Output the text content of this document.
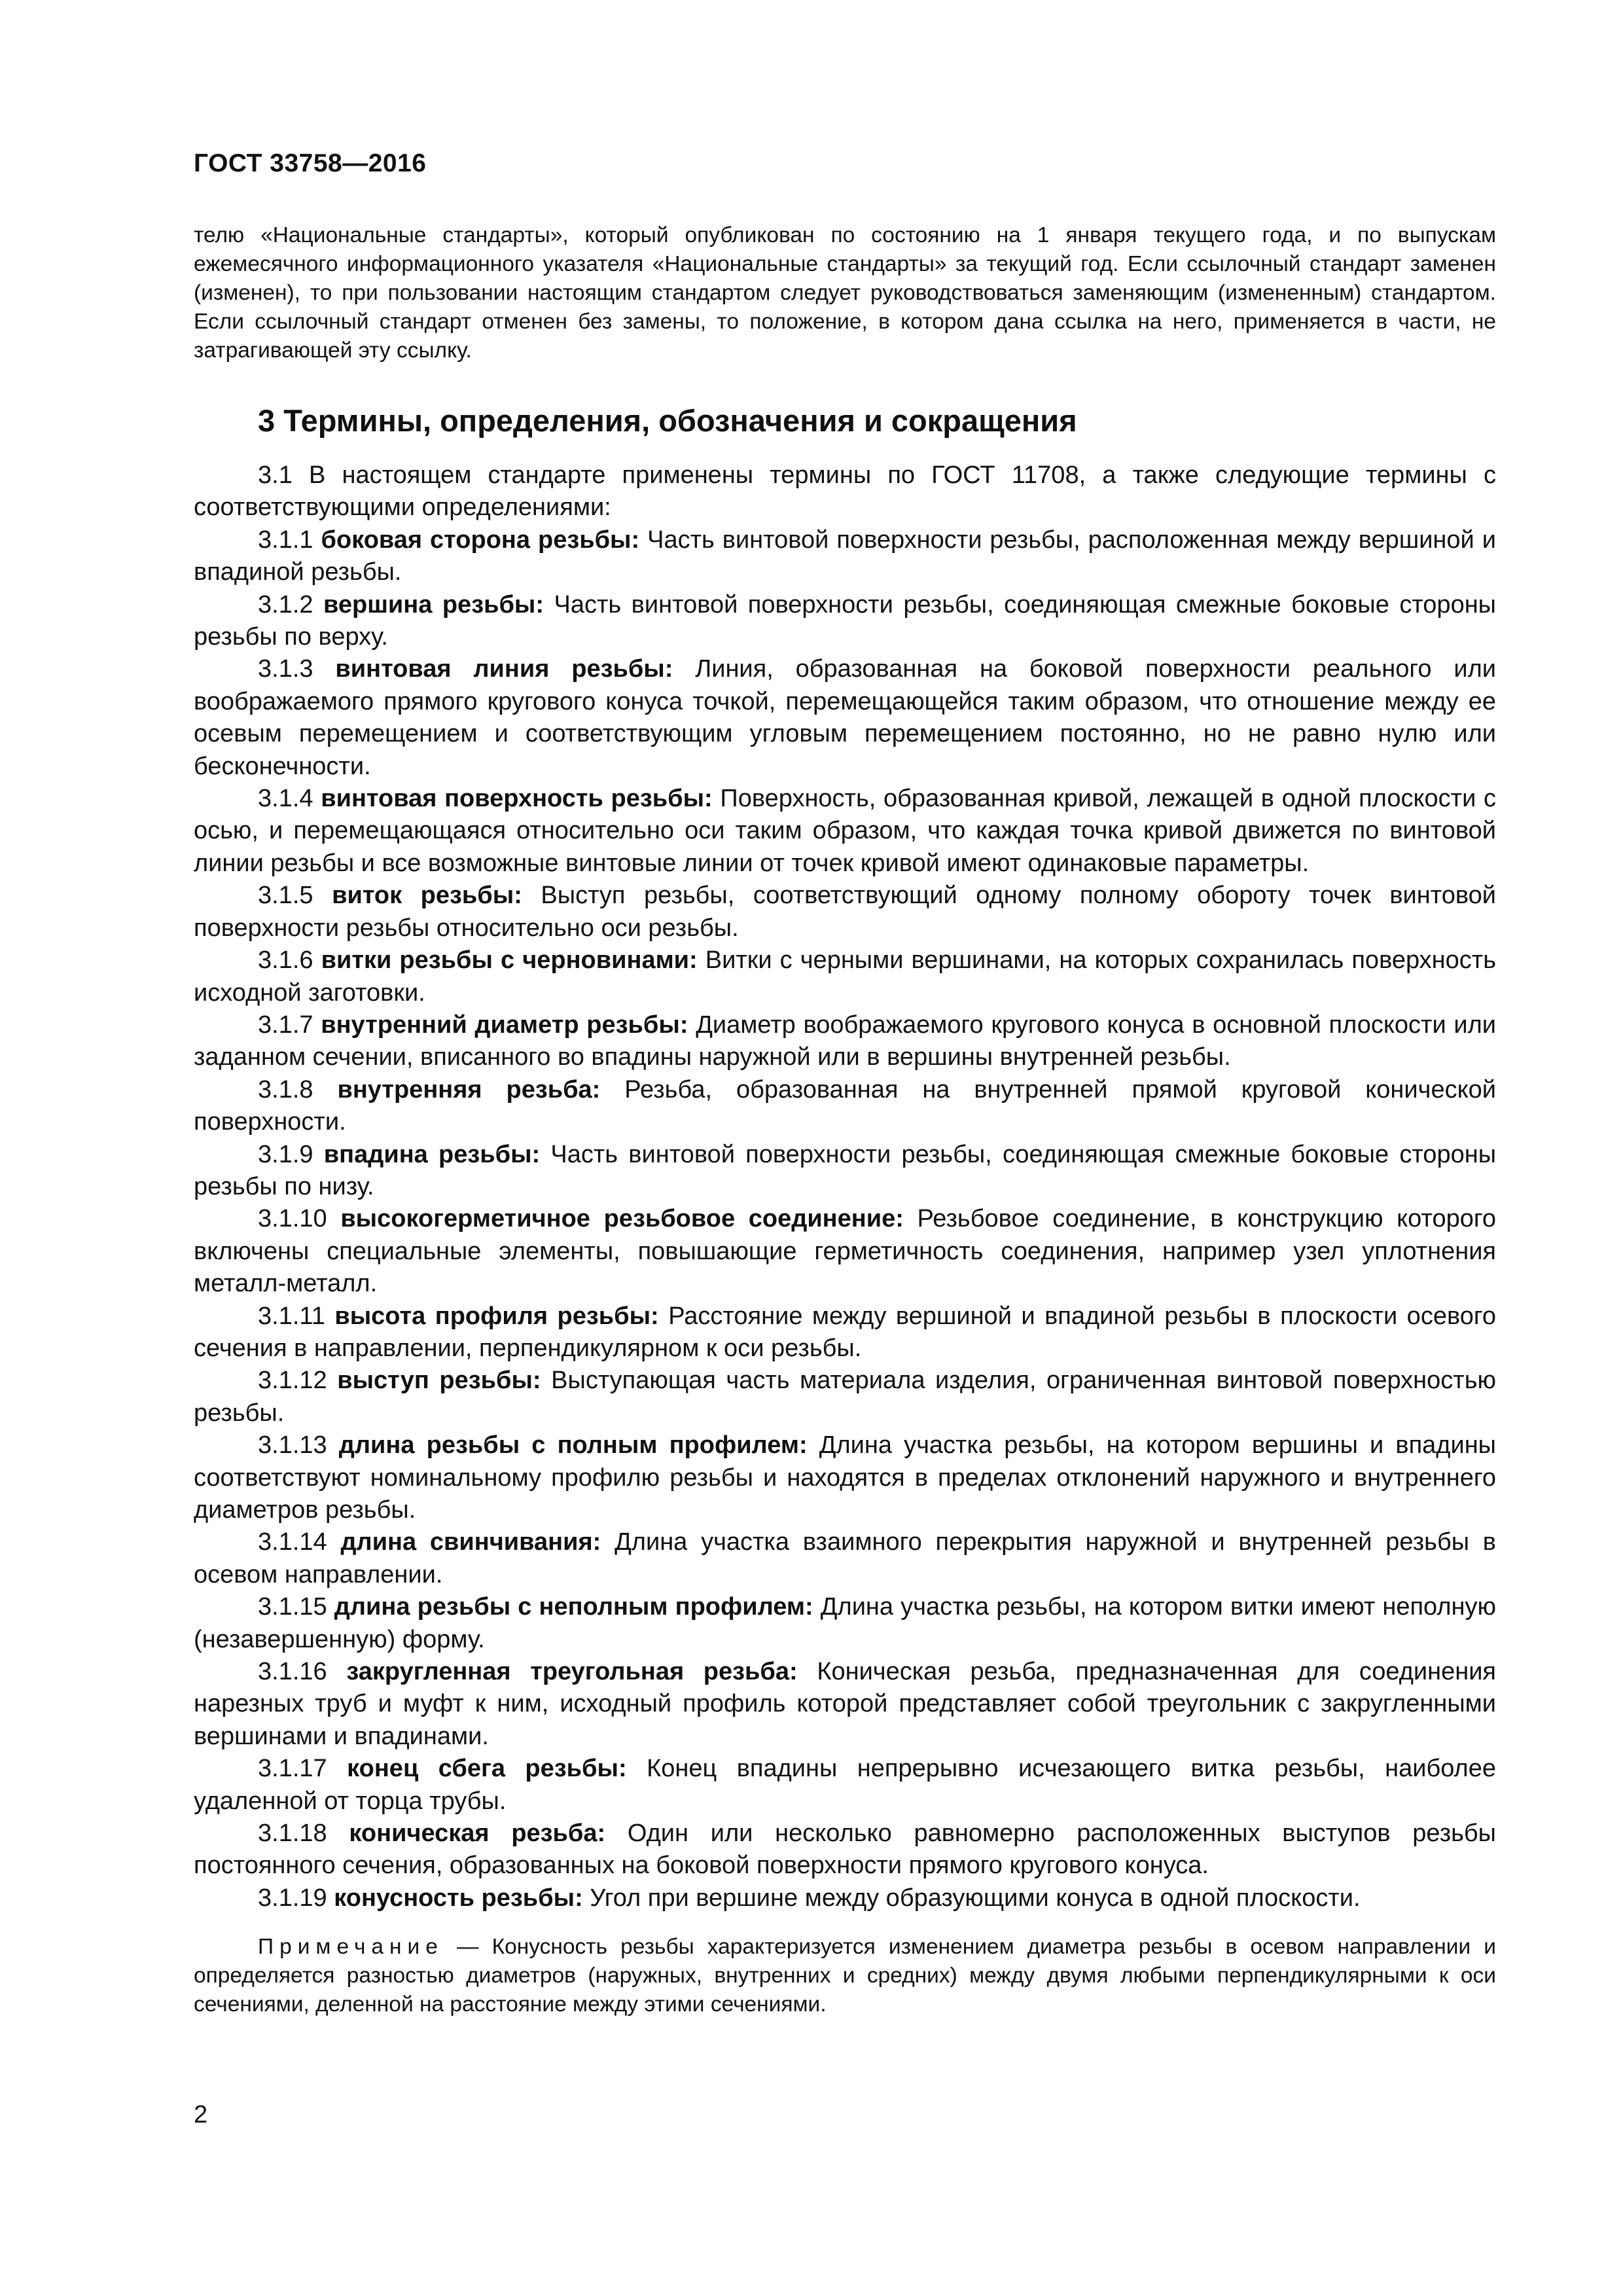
ГОСТ 33758—2016
телю «Национальные стандарты», который опубликован по состоянию на 1 января текущего года, и по выпускам ежемесячного информационного указателя «Национальные стандарты» за текущий год. Если ссылочный стандарт заменен (изменен), то при пользовании настоящим стандартом следует руководствоваться заменяющим (измененным) стандартом. Если ссылочный стандарт отменен без замены, то положение, в котором дана ссылка на него, применяется в части, не затрагивающей эту ссылку.
3 Термины, определения, обозначения и сокращения

3.1 В настоящем стандарте применены термины по ГОСТ 11708, а также следующие термины с соответствующими определениями:

3.1.1 боковая сторона резьбы: Часть винтовой поверхности резьбы, расположенная между вершиной и впадиной резьбы.

3.1.2 вершина резьбы: Часть винтовой поверхности резьбы, соединяющая смежные боковые стороны резьбы по верху.

3.1.3 винтовая линия резьбы: Линия, образованная на боковой поверхности реального или воображаемого прямого кругового конуса точкой, перемещающейся таким образом, что отношение между ее осевым перемещением и соответствующим угловым перемещением постоянно, но не равно нулю или бесконечности.

3.1.4 винтовая поверхность резьбы: Поверхность, образованная кривой, лежащей в одной плоскости с осью, и перемещающаяся относительно оси таким образом, что каждая точка кривой движется по винтовой линии резьбы и все возможные винтовые линии от точек кривой имеют одинаковые параметры.

3.1.5 виток резьбы: Выступ резьбы, соответствующий одному полному обороту точек винтовой поверхности резьбы относительно оси резьбы.

3.1.6 витки резьбы с черновинами: Витки с черными вершинами, на которых сохранилась поверхность исходной заготовки.

3.1.7 внутренний диаметр резьбы: Диаметр воображаемого кругового конуса в основной плоскости или заданном сечении, вписанного во впадины наружной или в вершины внутренней резьбы.

3.1.8 внутренняя резьба: Резьба, образованная на внутренней прямой круговой конической поверхности.

3.1.9 впадина резьбы: Часть винтовой поверхности резьбы, соединяющая смежные боковые стороны резьбы по низу.

3.1.10 высокогерметичное резьбовое соединение: Резьбовое соединение, в конструкцию которого включены специальные элементы, повышающие герметичность соединения, например узел уплотнения металл-металл.

3.1.11 высота профиля резьбы: Расстояние между вершиной и впадиной резьбы в плоскости осевого сечения в направлении, перпендикулярном к оси резьбы.

3.1.12 выступ резьбы: Выступающая часть материала изделия, ограниченная винтовой поверхностью резьбы.

3.1.13 длина резьбы с полным профилем: Длина участка резьбы, на котором вершины и впадины соответствуют номинальному профилю резьбы и находятся в пределах отклонений наружного и внутреннего диаметров резьбы.

3.1.14 длина свинчивания: Длина участка взаимного перекрытия наружной и внутренней резьбы в осевом направлении.

3.1.15 длина резьбы с неполным профилем: Длина участка резьбы, на котором витки имеют неполную (незавершенную) форму.

3.1.16 закругленная треугольная резьба: Коническая резьба, предназначенная для соединения нарезных труб и муфт к ним, исходный профиль которой представляет собой треугольник с закругленными вершинами и впадинами.

3.1.17 конец сбега резьбы: Конец впадины непрерывно исчезающего витка резьбы, наиболее удаленной от торца трубы.

3.1.18 коническая резьба: Один или несколько равномерно расположенных выступов резьбы постоянного сечения, образованных на боковой поверхности прямого кругового конуса.

3.1.19 конусность резьбы: Угол при вершине между образующими конуса в одной плоскости.

Примечание — Конусность резьбы характеризуется изменением диаметра резьбы в осевом направлении и определяется разностью диаметров (наружных, внутренних и средних) между двумя любыми перпендикулярными к оси сечениями, деленной на расстояние между этими сечениями.

2
